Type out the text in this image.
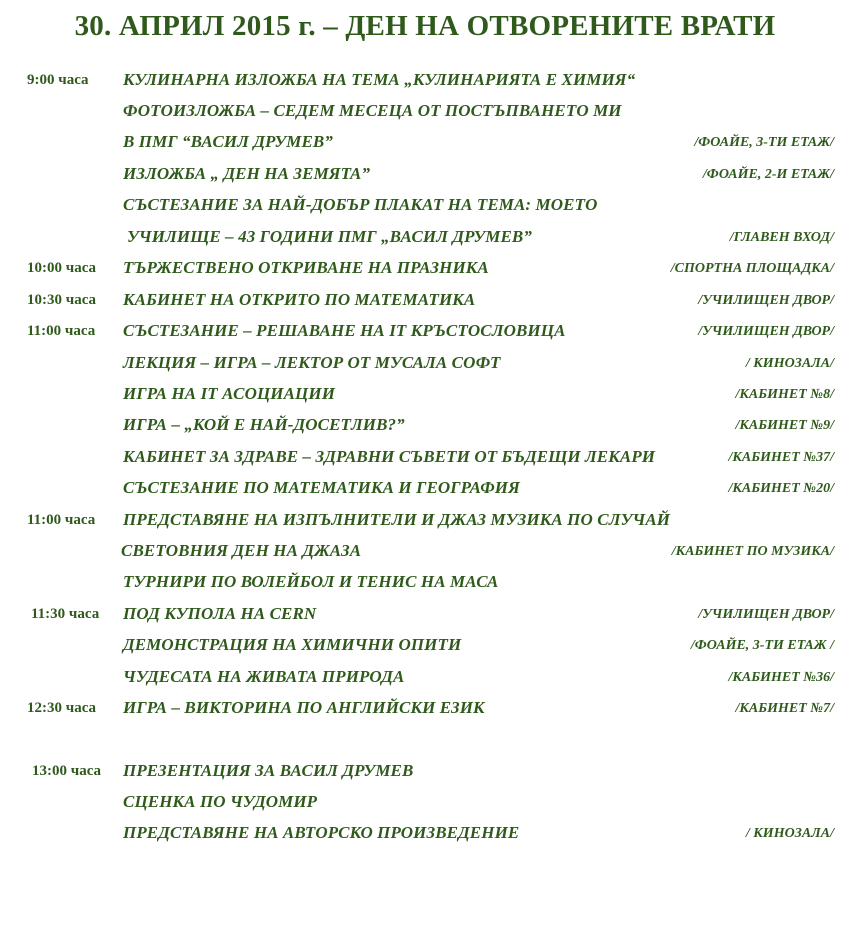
30. АПРИЛ 2015 г. – ДЕН НА ОТВОРЕНИТЕ ВРАТИ
9:00 часа КУЛИНАРНА ИЗЛОЖБА НА ТЕМА „КУЛИНАРИЯТА Е ХИМИЯ“
ФОТОИЗЛОЖБА – СЕДЕМ МЕСЕЦА ОТ ПОСТЪПВАНЕТО МИ
В ПМГ “ВАСИЛ ДРУМЕВ”	/ФОАЙЕ, 3-ТИ ЕТАЖ/
ИЗЛОЖБА „ ДЕН НА ЗЕМЯТА”	/ФОАЙЕ, 2-И ЕТАЖ/
СЪСТЕЗАНИЕ ЗА НАЙ-ДОБЪР ПЛАКАТ НА ТЕМА: МОЕТО
УЧИЛИЩЕ – 43 ГОДИНИ ПМГ „ВАСИЛ ДРУМЕВ”	/ГЛАВЕН ВХОД/
10:00 часа ТЪРЖЕСТВЕНО ОТКРИВАНЕ НА ПРАЗНИКА	/СПОРТНА ПЛОЩАДКА/
10:30 часа КАБИНЕТ НА ОТКРИТО ПО МАТЕМАТИКА	/УЧИЛИЩЕН ДВОР/
11:00 часа СЪСТЕЗАНИЕ – РЕШАВАНЕ НА IT КРЪСТОСЛОВИЦА	/УЧИЛИЩЕН ДВОР/
ЛЕКЦИЯ – ИГРА – ЛЕКТОР ОТ МУСАЛА СОФТ	/ КИНОЗАЛА/
ИГРА НА IT АСОЦИАЦИИ	/КАБИНЕТ №8/
ИГРА – „КОЙ Е НАЙ-ДОСЕТЛИВ?”	/КАБИНЕТ №9/
КАБИНЕТ ЗА ЗДРАВЕ – ЗДРАВНИ СЪВЕТИ ОТ БЪДЕЩИ ЛЕКАРИ	/КАБИНЕТ №37/
СЪСТЕЗАНИЕ ПО МАТЕМАТИКА И ГЕОГРАФИЯ	/КАБИНЕТ №20/
11:00 часа ПРЕДСТАВЯНЕ НА ИЗПЪЛНИТЕЛИ И ДЖАЗ МУЗИКА ПО СЛУЧАЙ
СВЕТОВНИЯ ДЕН НА ДЖАЗА	/КАБИНЕТ ПО МУЗИКА/
ТУРНИРИ ПО ВОЛЕЙБОЛ И ТЕНИС НА МАСА
11:30 часа ПОД КУПОЛА НА CERN	/УЧИЛИЩЕН ДВОР/
ДЕМОНСТРАЦИЯ НА ХИМИЧНИ ОПИТИ	/ФОАЙЕ, 3-ТИ ЕТАЖ /
ЧУДЕСАТА НА ЖИВАТА ПРИРОДА	/КАБИНЕТ №36/
12:30 часа ИГРА – ВИКТОРИНА ПО АНГЛИЙСКИ ЕЗИК	/КАБИНЕТ №7/
13:00 часа ПРЕЗЕНТАЦИЯ ЗА ВАСИЛ ДРУМЕВ
СЦЕНКА ПО ЧУДОМИР
ПРЕДСТАВЯНЕ НА АВТОРСКО ПРОИЗВЕДЕНИЕ	/ КИНОЗАЛА/
